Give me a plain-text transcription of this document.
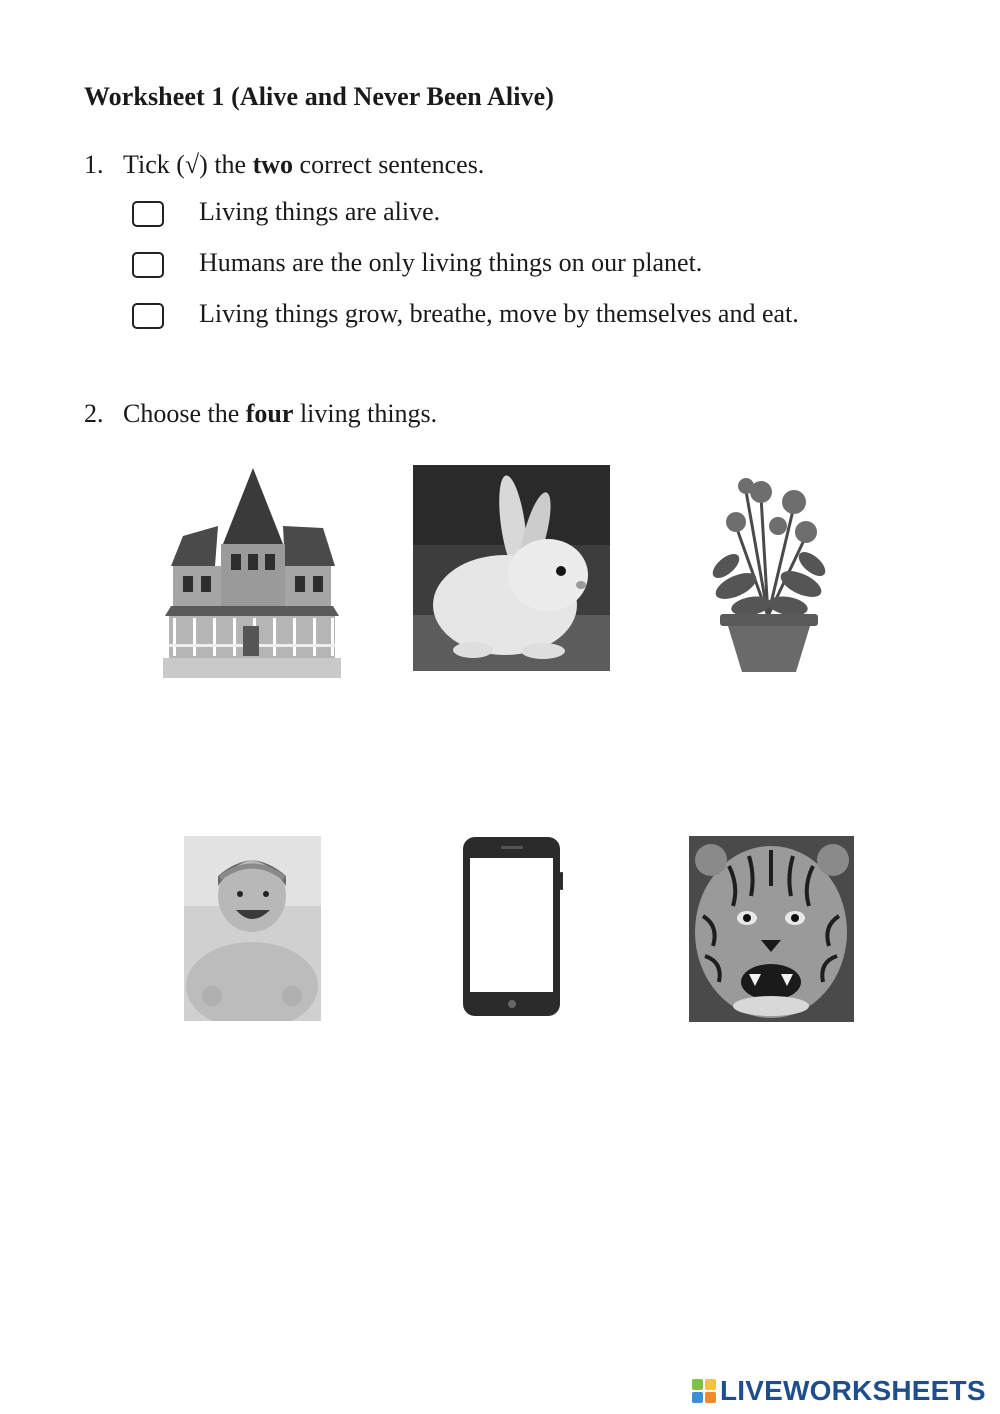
Worksheet 1 (Alive and Never Been Alive)
1. Tick (√) the two correct sentences.
Living things are alive.
Humans are the only living things on our planet.
Living things grow, breathe, move by themselves and eat.
2. Choose the four living things.
LIVEWORKSHEETS
